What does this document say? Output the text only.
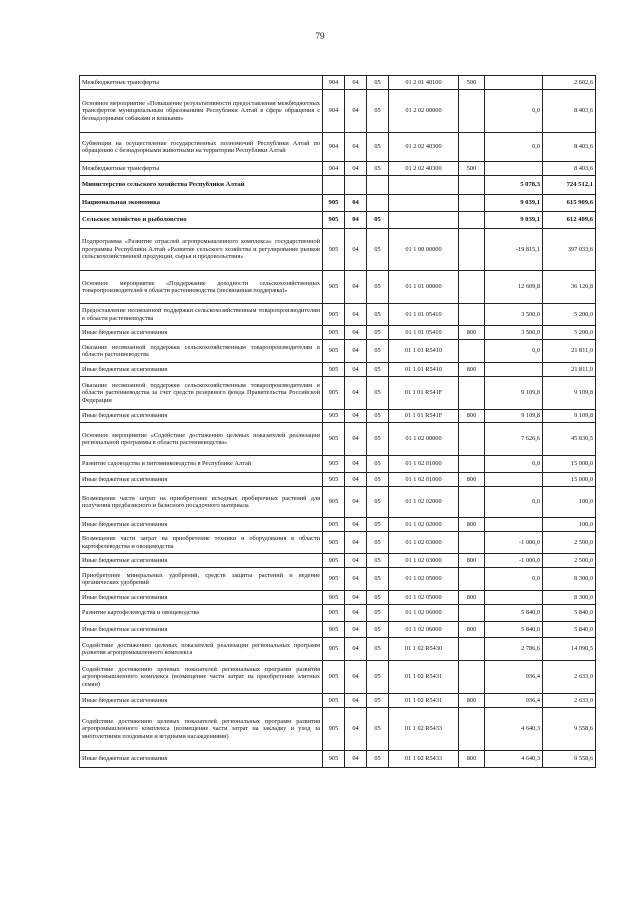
79
Межбюджетные трансферты	904	04	05	01 2 01 40100	500		2 602,6
Основное мероприятие «Повышение результативности предоставления межбюджетных трансфертов муниципальным образованиям Республики Алтай в сфере обращения с безнадзорными собаками и кошками»	904	04	05	01 2 02 00000		0,0	8 403,6
Субвенции на осуществление государственных полномочий Республики Алтай по обращению с безнадзорными животными на территории Республики Алтай	904	04	05	01 2 02 40300		0,0	8 403,6
Межбюджетные трансферты	904	04	05	01 2 02 40300	500		8 403,6
Министерство сельского хозяйства Республики Алтай						5 078,3	724 512,1
Национальная экономика	905	04				9 039,1	615 909,6
Сельское хозяйство и рыболовство	905	04	05			9 039,1	612 409,6
Подпрограмма «Развитие отраслей агропромышленного комплекса» государственной программы Республики Алтай «Развитие сельского хозяйства и регулирование рынков сельскохозяйственной продукции, сырья и продовольствия»	905	04	05	01 1 00 00000		-19 815,1	397 033,6
Основное мероприятие «Поддержание доходности сельскохозяйственных товаропроизводителей в области растениеводства (несвязанная поддержка)»	905	04	05	01 1 01 00000		12 609,8	36 120,8
Предоставление несвязанной поддержки сельскохозяйственным товаропроизводителям в области растениеводства	905	04	05	01 1 01 05410		3 500,0	5 200,0
Иные бюджетные ассигнования	905	04	05	01 1 01 05410	800	3 500,0	5 200,0
Оказание несвязанной поддержки сельскохозяйственным товаропроизводителям в области растениеводства	905	04	05	01 1 01 R5410		0,0	21 811,0
Иные бюджетные ассигнования	905	04	05	01 1 01 R5410	800		21 811,0
Оказание несвязанной поддержки сельскохозяйственным товаропроизводителям в области растениеводства за счет средств резервного фонда Правительства Российской Федерации	905	04	05	01 1 01 R541F		9 109,8	9 109,8
Иные бюджетные ассигнования	905	04	05	01 1 01 R541F	800	9 109,8	9 109,8
Основное мероприятие «Содействие достижению целевых показателей реализации региональной программы в области растениеводства»	905	04	05	01 1 02 00000		7 626,6	45 830,5
Развитие садоводства и питомниководства в Республике Алтай	905	04	05	01 1 02 01000		0,0	15 000,0
Иные бюджетные ассигнования	905	04	05	01 1 02 01000	800		15 000,0
Возмещение части затрат на приобретение исходных пробирочных растений для получения предбазисного и базисного посадочного материала	905	04	05	01 1 02 02000		0,0	100,0
Иные бюджетные ассигнования	905	04	05	01 1 02 02000	800		100,0
Возмещение части затрат на приобретение техники и оборудования в области картофелеводства и овощеводства	905	04	05	01 1 02 03000		-1 000,0	2 500,0
Иные бюджетные ассигнования	905	04	05	01 1 02 03000	800	-1 000,0	2 500,0
Приобретение минеральных удобрений, средств защиты растений и ведение органических удобрений	905	04	05	01 1 02 05000		0,0	8 300,0
Иные бюджетные ассигнования	905	04	05	01 1 02 05000	800		8 300,0
Развитие картофелеводства и овощеводства	905	04	05	01 1 02 06000		5 840,0	5 840,0
Иные бюджетные ассигнования	905	04	05	01 1 02 06000	800	5 840,0	5 840,0
Содействие достижению целевых показателей реализации региональных программ развития агропромышленного комплекса	905	04	05	01 1 02 R5430		2 786,6	14 090,5
Содействие достижению целевых показателей региональных программ развития агропромышленного комплекса (возмещение части затрат на приобретение элитных семян)	905	04	05	01 1 02 R5431		936,4	2 633,0
Иные бюджетные ассигнования	905	04	05	01 1 02 R5431	800	936,4	2 633,0
Содействие достижению целевых показателей региональных программ развития агропромышленного комплекса (возмещение части затрат на закладку и уход за многолетними плодовыми и ягодными насаждениями)	905	04	05	01 1 02 R5433		4 640,3	9 558,6
Иные бюджетные ассигнования	905	04	05	01 1 02 R5433	800	4 640,3	9 558,6
